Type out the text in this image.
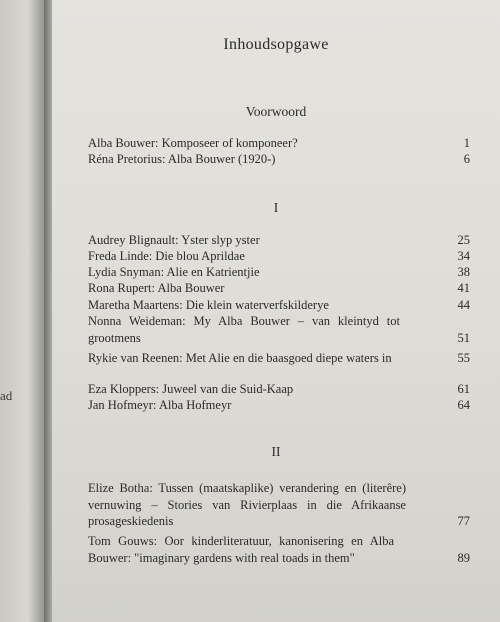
ad
Inhoudsopgawe
Voorwoord
Alba Bouwer: Komposeer of komponeer?	1
Réna Pretorius: Alba Bouwer (1920-)	6
I
Audrey Blignault: Yster slyp yster	25
Freda Linde: Die blou Aprildae	34
Lydia Snyman: Alie en Katrientjie	38
Rona Rupert: Alba Bouwer	41
Maretha Maartens: Die klein waterverfskilderye	44
Nonna Weideman: My Alba Bouwer – van kleintyd tot grootmens	51
Rykie van Reenen: Met Alie en die baasgoed diepe waters in	55
Eza Kloppers: Juweel van die Suid-Kaap	61
Jan Hofmeyr: Alba Hofmeyr	64
II
Elize Botha: Tussen (maatskaplike) verandering en (literêre) vernuwing – Stories van Rivierplaas in die Afrikaanse prosageskiedenis	77
Tom Gouws: Oor kinderliteratuur, kanonisering en Alba Bouwer: "imaginary gardens with real toads in them"	89
